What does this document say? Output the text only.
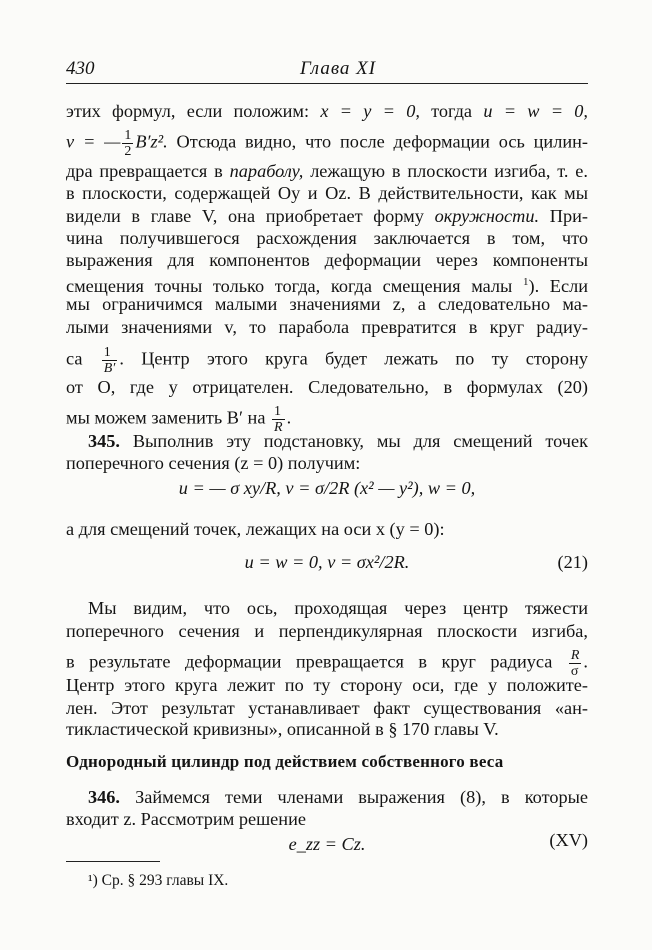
430	Глава XI
этих формул, если положим: x = y = 0, тогда u = w = 0,
v = — $\frac{1}{2} B'z^2$. Отсюда видно, что после деформации ось цилин-
дра превращается в параболу, лежащую в плоскости изгиба, т. е.
в плоскости, содержащей Oy и Oz. В действительности, как мы
видели в главе V, она приобретает форму окружности. При-
чина получившегося расхождения заключается в том, что
выражения для компонентов деформации через компоненты
смещения точны только тогда, когда смещения малы $^1$). Если
мы ограничимся малыми значениями z, а следовательно ма-
лыми значениями v, то парабола превратится в круг радиу-
са $\frac{1}{B'}$ . Центр этого круга будет лежать по ту сторону
от O, где y отрицателен. Следовательно, в формулах (20)
мы можем заменить B′ на $\frac{1}{R}$ .
345. Выполнив эту подстановку, мы для смещений точек
поперечного сечения (z = 0) получим:
u = — σ xy/R, v = σ/2R (x² — y²), w = 0,
а для смещений точек, лежащих на оси x (y = 0):
u = w = 0, v = σx²/2R.	(21)
Мы видим, что ось, проходящая через центр тяжести
поперечного сечения и перпендикулярная плоскости изгиба,
в результате деформации превращается в круг радиуса $\frac{R}{\sigma}$ .
Центр этого круга лежит по ту сторону оси, где y положите-
лен. Этот результат устанавливает факт существования «ан-
тикластической кривизны», описанной в § 170 главы V.
Однородный цилиндр под действием собственного веса
346. Займемся теми членами выражения (8), в которые
входит z. Рассмотрим решение
e_zz = Cz.	(XV)
¹) Ср. § 293 главы IX.
